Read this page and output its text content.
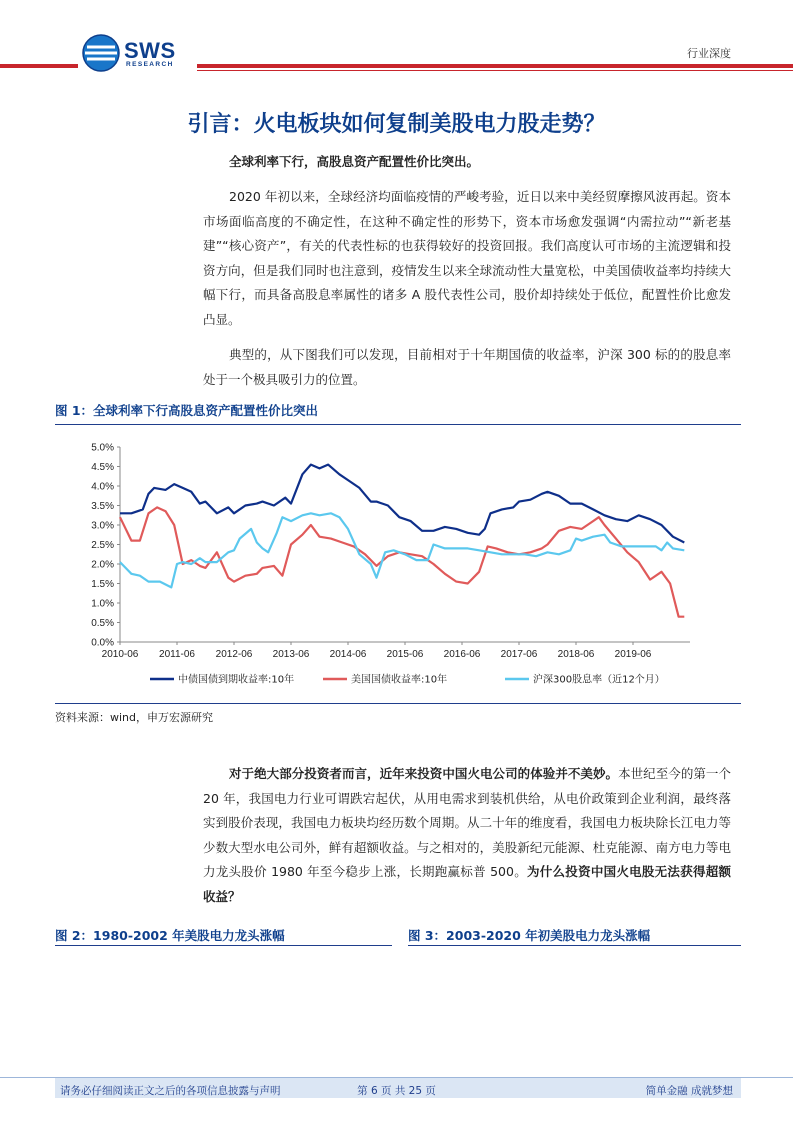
SWS
RESEARCH
行业深度
引言：火电板块如何复制美股电力股走势？
全球利率下行，高股息资产配置性价比突出。
2020 年初以来，全球经济均面临疫情的严峻考验，近日以来中美经贸摩擦风波再起。资本市场面临高度的不确定性，在这种不确定性的形势下，资本市场愈发强调“内需拉动”“新老基建”“核心资产”，有关的代表性标的也获得较好的投资回报。我们高度认可市场的主流逻辑和投资方向，但是我们同时也注意到，疫情发生以来全球流动性大量宽松，中美国债收益率均持续大幅下行，而具备高股息率属性的诸多 A 股代表性公司，股价却持续处于低位，配置性价比愈发凸显。
典型的，从下图我们可以发现，目前相对于十年期国债的收益率，沪深 300 标的的股息率处于一个极具吸引力的位置。
图 1：全球利率下行高股息资产配置性价比突出
0.0%
0.5%
1.0%
1.5%
2.0%
2.5%
3.0%
3.5%
4.0%
4.5%
5.0%
2010-06 2011-06 2012-06 2013-06 2014-06 2015-06 2016-06 2017-06 2018-06 2019-06
中债国债到期收益率:10年	美国国债收益率:10年	沪深300股息率（近12个月）
资料来源：wind，申万宏源研究
对于绝大部分投资者而言，近年来投资中国火电公司的体验并不美妙。本世纪至今的第一个 20 年，我国电力行业可谓跌宕起伏，从用电需求到装机供给，从电价政策到企业利润，最终落实到股价表现，我国电力板块均经历数个周期。从二十年的维度看，我国电力板块除长江电力等少数大型水电公司外，鲜有超额收益。与之相对的，美股新纪元能源、杜克能源、南方电力等电力龙头股价 1980 年至今稳步上涨，长期跑赢标普 500。为什么投资中国火电股无法获得超额收益？
图 2：1980-2002 年美股电力龙头涨幅	图 3：2003-2020 年初美股电力龙头涨幅
请务必仔细阅读正文之后的各项信息披露与声明	第 6 页 共 25 页	简单金融 成就梦想
